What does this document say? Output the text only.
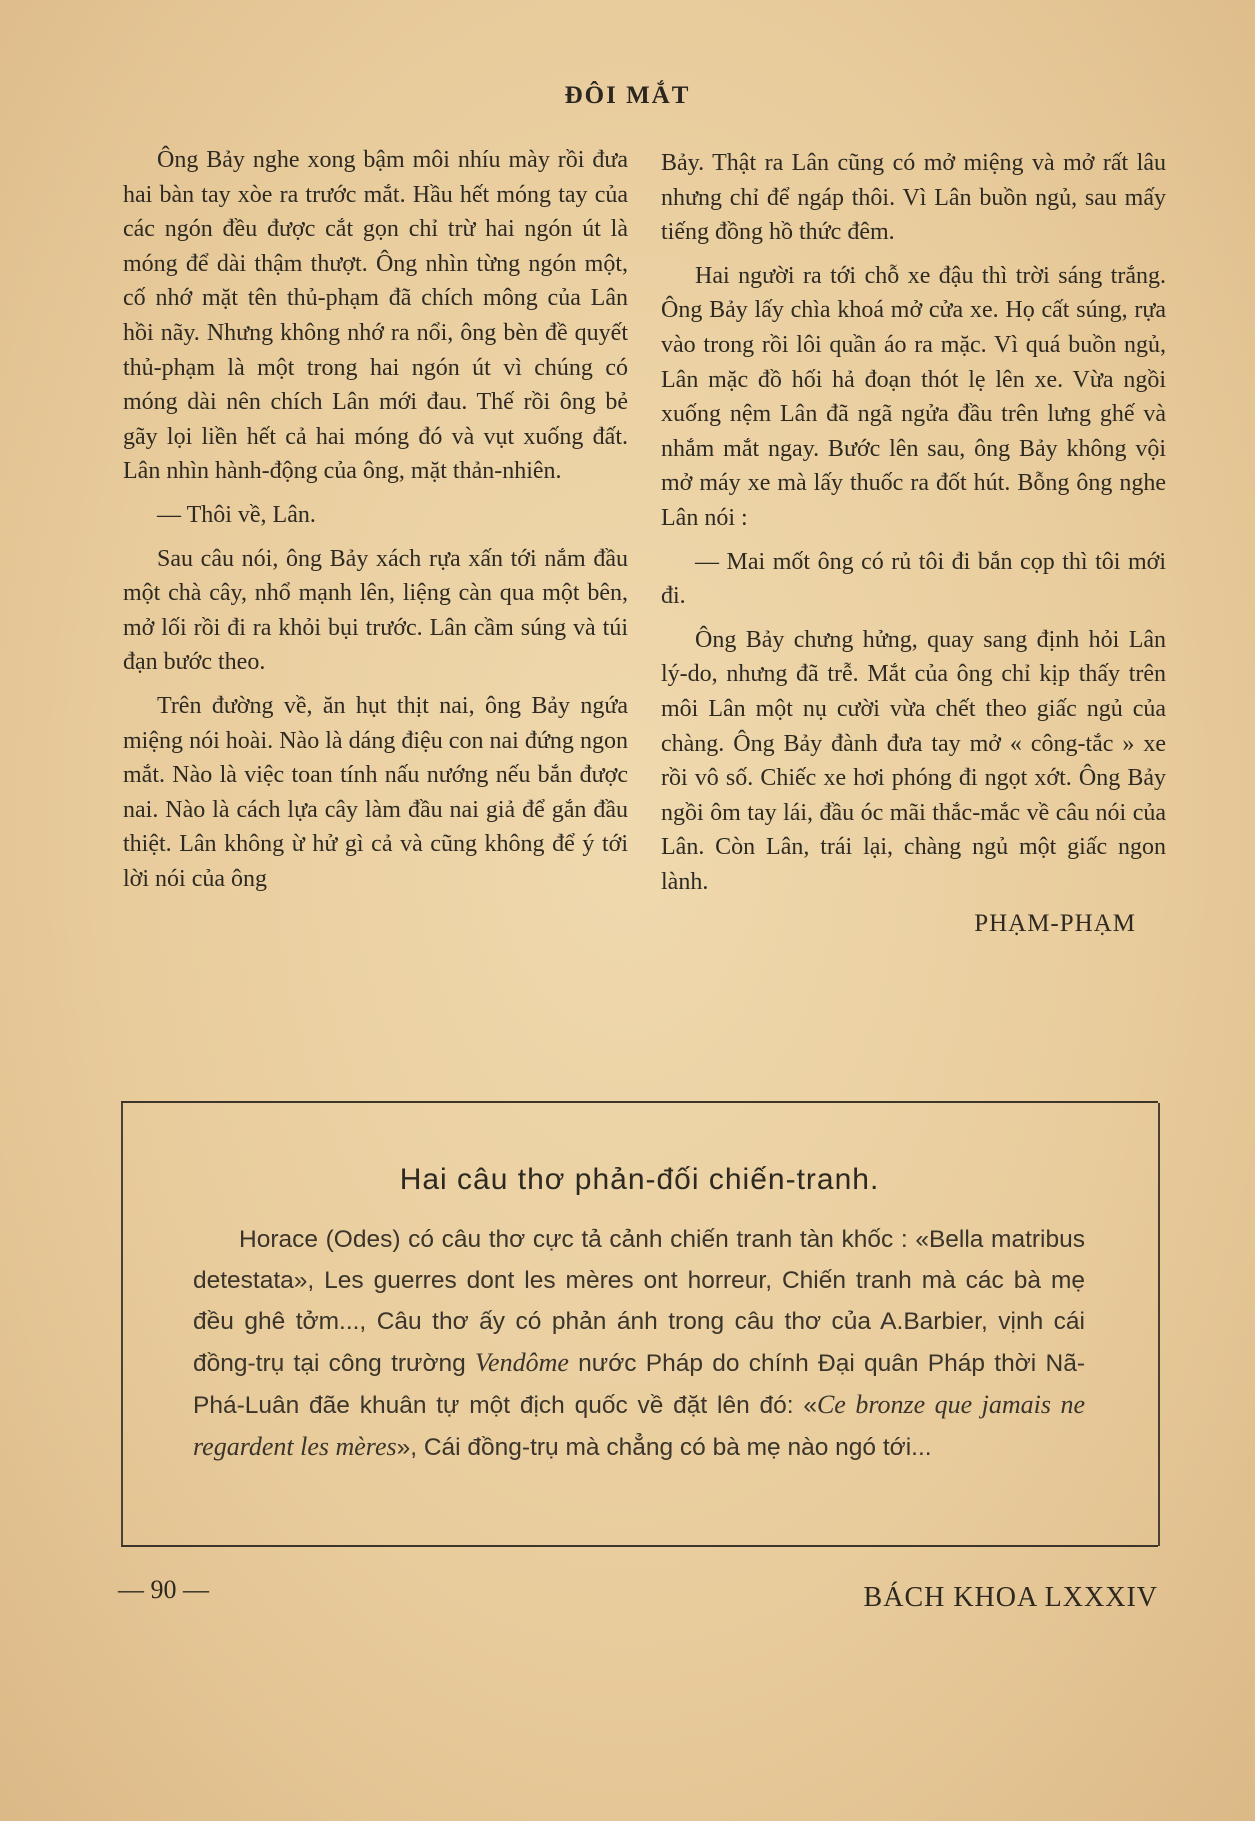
ĐÔI MẮT

Ông Bảy nghe xong bậm môi nhíu mày rồi đưa hai bàn tay xòe ra trước mắt. Hầu hết móng tay của các ngón đều được cắt gọn chỉ trừ hai ngón út là móng để dài thậm thượt. Ông nhìn từng ngón một, cố nhớ mặt tên thủ-phạm đã chích mông của Lân hồi nãy. Nhưng không nhớ ra nổi, ông bèn đề quyết thủ-phạm là một trong hai ngón út vì chúng có móng dài nên chích Lân mới đau. Thế rồi ông bẻ gãy lọi liền hết cả hai móng đó và vụt xuống đất. Lân nhìn hành-động của ông, mặt thản-nhiên.

— Thôi về, Lân.

Sau câu nói, ông Bảy xách rựa xấn tới nắm đầu một chà cây, nhổ mạnh lên, liệng càn qua một bên, mở lối rồi đi ra khỏi bụi trước. Lân cầm súng và túi đạn bước theo.

Trên đường về, ăn hụt thịt nai, ông Bảy ngứa miệng nói hoài. Nào là dáng điệu con nai đứng ngon mắt. Nào là việc toan tính nấu nướng nếu bắn được nai. Nào là cách lựa cây làm đầu nai giả để gắn đầu thiệt. Lân không ừ hử gì cả và cũng không để ý tới lời nói của ông

Bảy. Thật ra Lân cũng có mở miệng và mở rất lâu nhưng chỉ để ngáp thôi. Vì Lân buồn ngủ, sau mấy tiếng đồng hồ thức đêm.

Hai người ra tới chỗ xe đậu thì trời sáng trắng. Ông Bảy lấy chìa khoá mở cửa xe. Họ cất súng, rựa vào trong rồi lôi quần áo ra mặc. Vì quá buồn ngủ, Lân mặc đồ hối hả đoạn thót lẹ lên xe. Vừa ngồi xuống nệm Lân đã ngã ngửa đầu trên lưng ghế và nhắm mắt ngay. Bước lên sau, ông Bảy không vội mở máy xe mà lấy thuốc ra đốt hút. Bỗng ông nghe Lân nói :

— Mai mốt ông có rủ tôi đi bắn cọp thì tôi mới đi.

Ông Bảy chưng hửng, quay sang định hỏi Lân lý-do, nhưng đã trễ. Mắt của ông chỉ kịp thấy trên môi Lân một nụ cười vừa chết theo giấc ngủ của chàng. Ông Bảy đành đưa tay mở « công-tắc » xe rồi vô số. Chiếc xe hơi phóng đi ngọt xớt. Ông Bảy ngồi ôm tay lái, đầu óc mãi thắc-mắc về câu nói của Lân. Còn Lân, trái lại, chàng ngủ một giấc ngon lành.

PHẠM-PHẠM
Hai câu thơ phản-đối chiến-tranh.

Horace (Odes) có câu thơ cực tả cảnh chiến tranh tàn khốc : «Bella matribus detestata», Les guerres dont les mères ont horreur, Chiến tranh mà các bà mẹ đều ghê tởm..., Câu thơ ấy có phản ánh trong câu thơ của A.Barbier, vịnh cái đồng-trụ tại công trường Vendôme nước Pháp do chính Đại quân Pháp thời Nã-Phá-Luân đãe khuân tự một địch quốc về đặt lên đó: «Ce bronze que jamais ne regardent les mères», Cái đồng-trụ mà chẳng có bà mẹ nào ngó tới...

— 90 —	BÁCH KHOA LXXXIV
